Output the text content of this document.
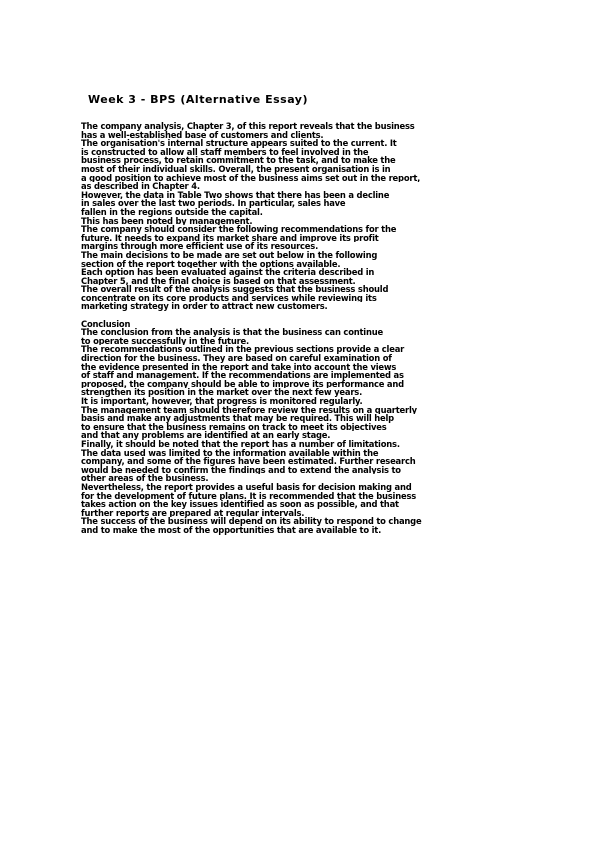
Week 3 - BPS (Alternative Essay)
The company analysis, Chapter 3, of this report reveals that the business
has a well-established base of customers and clients.
The organisation's internal structure appears suited to the current. It
is constructed to allow all staff members to feel involved in the
business process, to retain commitment to the task, and to make the
most of their individual skills. Overall, the present organisation is in
a good position to achieve most of the business aims set out in the report,
as described in Chapter 4.
However, the data in Table Two shows that there has been a decline
in sales over the last two periods. In particular, sales have
fallen in the regions outside the capital.
This has been noted by management.
The company should consider the following recommendations for the
future. It needs to expand its market share and improve its profit
margins through more efficient use of its resources.
The main decisions to be made are set out below in the following
section of the report together with the options available.
Each option has been evaluated against the criteria described in
Chapter 5, and the final choice is based on that assessment.
The overall result of the analysis suggests that the business should
concentrate on its core products and services while reviewing its
marketing strategy in order to attract new customers.
Conclusion
The conclusion from the analysis is that the business can continue
to operate successfully in the future.
The recommendations outlined in the previous sections provide a clear
direction for the business. They are based on careful examination of
the evidence presented in the report and take into account the views
of staff and management. If the recommendations are implemented as
proposed, the company should be able to improve its performance and
strengthen its position in the market over the next few years.
It is important, however, that progress is monitored regularly.
The management team should therefore review the results on a quarterly
basis and make any adjustments that may be required. This will help
to ensure that the business remains on track to meet its objectives
and that any problems are identified at an early stage.
Finally, it should be noted that the report has a number of limitations.
The data used was limited to the information available within the
company, and some of the figures have been estimated. Further research
would be needed to confirm the findings and to extend the analysis to
other areas of the business.
Nevertheless, the report provides a useful basis for decision making and
for the development of future plans. It is recommended that the business
takes action on the key issues identified as soon as possible, and that
further reports are prepared at regular intervals.
The success of the business will depend on its ability to respond to change
and to make the most of the opportunities that are available to it.
